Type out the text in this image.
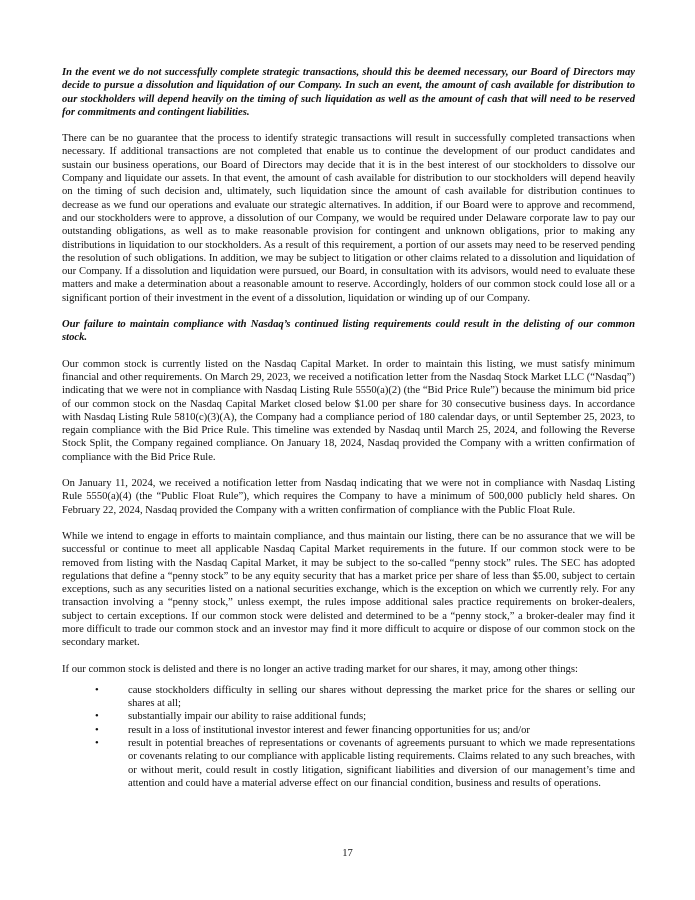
In the event we do not successfully complete strategic transactions, should this be deemed necessary, our Board of Directors may decide to pursue a dissolution and liquidation of our Company. In such an event, the amount of cash available for distribution to our stockholders will depend heavily on the timing of such liquidation as well as the amount of cash that will need to be reserved for commitments and contingent liabilities.

There can be no guarantee that the process to identify strategic transactions will result in successfully completed transactions when necessary. If additional transactions are not completed that enable us to continue the development of our product candidates and sustain our business operations, our Board of Directors may decide that it is in the best interest of our stockholders to dissolve our Company and liquidate our assets. In that event, the amount of cash available for distribution to our stockholders will depend heavily on the timing of such decision and, ultimately, such liquidation since the amount of cash available for distribution continues to decrease as we fund our operations and evaluate our strategic alternatives. In addition, if our Board were to approve and recommend, and our stockholders were to approve, a dissolution of our Company, we would be required under Delaware corporate law to pay our outstanding obligations, as well as to make reasonable provision for contingent and unknown obligations, prior to making any distributions in liquidation to our stockholders. As a result of this requirement, a portion of our assets may need to be reserved pending the resolution of such obligations. In addition, we may be subject to litigation or other claims related to a dissolution and liquidation of our Company. If a dissolution and liquidation were pursued, our Board, in consultation with its advisors, would need to evaluate these matters and make a determination about a reasonable amount to reserve. Accordingly, holders of our common stock could lose all or a significant portion of their investment in the event of a dissolution, liquidation or winding up of our Company.

Our failure to maintain compliance with Nasdaq’s continued listing requirements could result in the delisting of our common stock.

Our common stock is currently listed on the Nasdaq Capital Market. In order to maintain this listing, we must satisfy minimum financial and other requirements. On March 29, 2023, we received a notification letter from the Nasdaq Stock Market LLC (“Nasdaq”) indicating that we were not in compliance with Nasdaq Listing Rule 5550(a)(2) (the “Bid Price Rule”) because the minimum bid price of our common stock on the Nasdaq Capital Market closed below $1.00 per share for 30 consecutive business days. In accordance with Nasdaq Listing Rule 5810(c)(3)(A), the Company had a compliance period of 180 calendar days, or until September 25, 2023, to regain compliance with the Bid Price Rule. This timeline was extended by Nasdaq until March 25, 2024, and following the Reverse Stock Split, the Company regained compliance. On January 18, 2024, Nasdaq provided the Company with a written confirmation of compliance with the Bid Price Rule.

On January 11, 2024, we received a notification letter from Nasdaq indicating that we were not in compliance with Nasdaq Listing Rule 5550(a)(4) (the “Public Float Rule”), which requires the Company to have a minimum of 500,000 publicly held shares. On February 22, 2024, Nasdaq provided the Company with a written confirmation of compliance with the Public Float Rule.

While we intend to engage in efforts to maintain compliance, and thus maintain our listing, there can be no assurance that we will be successful or continue to meet all applicable Nasdaq Capital Market requirements in the future. If our common stock were to be removed from listing with the Nasdaq Capital Market, it may be subject to the so-called “penny stock” rules. The SEC has adopted regulations that define a “penny stock” to be any equity security that has a market price per share of less than $5.00, subject to certain exceptions, such as any securities listed on a national securities exchange, which is the exception on which we currently rely. For any transaction involving a “penny stock,” unless exempt, the rules impose additional sales practice requirements on broker-dealers, subject to certain exceptions. If our common stock were delisted and determined to be a “penny stock,” a broker-dealer may find it more difficult to trade our common stock and an investor may find it more difficult to acquire or dispose of our common stock on the secondary market.

If our common stock is delisted and there is no longer an active trading market for our shares, it may, among other things:

•	cause stockholders difficulty in selling our shares without depressing the market price for the shares or selling our shares at all;
•	substantially impair our ability to raise additional funds;
•	result in a loss of institutional investor interest and fewer financing opportunities for us; and/or
•	result in potential breaches of representations or covenants of agreements pursuant to which we made representations or covenants relating to our compliance with applicable listing requirements. Claims related to any such breaches, with or without merit, could result in costly litigation, significant liabilities and diversion of our management’s time and attention and could have a material adverse effect on our financial condition, business and results of operations.
17
